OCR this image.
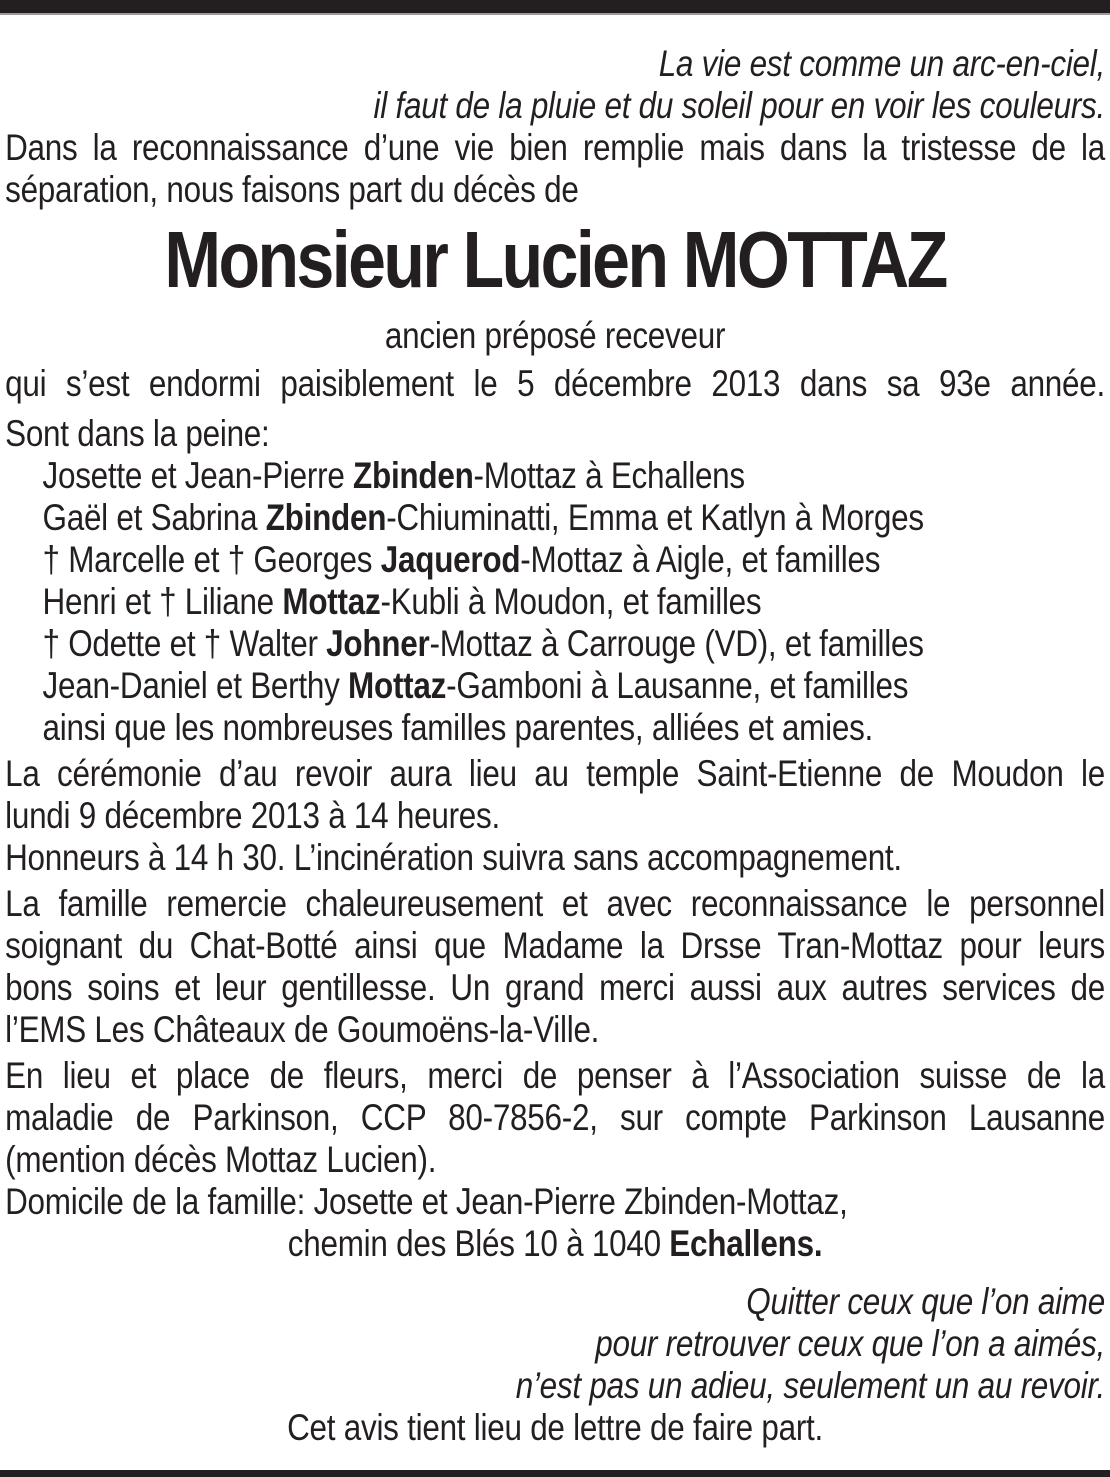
La vie est comme un arc-en-ciel,
il faut de la pluie et du soleil pour en voir les couleurs.
Dans la reconnaissance d’une vie bien remplie mais dans la tristesse de la
séparation, nous faisons part du décès de
Monsieur Lucien MOTTAZ
ancien préposé receveur
qui s’est endormi paisiblement le 5 décembre 2013 dans sa 93e année.
Sont dans la peine:
Josette et Jean-Pierre Zbinden-Mottaz à Echallens
Gaël et Sabrina Zbinden-Chiuminatti, Emma et Katlyn à Morges
† Marcelle et † Georges Jaquerod-Mottaz à Aigle, et familles
Henri et † Liliane Mottaz-Kubli à Moudon, et familles
† Odette et † Walter Johner-Mottaz à Carrouge (VD), et familles
Jean-Daniel et Berthy Mottaz-Gamboni à Lausanne, et familles
ainsi que les nombreuses familles parentes, alliées et amies.
La cérémonie d’au revoir aura lieu au temple Saint-Etienne de Moudon le
lundi 9 décembre 2013 à 14 heures.
Honneurs à 14 h 30. L’incinération suivra sans accompagnement.
La famille remercie chaleureusement et avec reconnaissance le personnel
soignant du Chat-Botté ainsi que Madame la Drsse Tran-Mottaz pour leurs
bons soins et leur gentillesse. Un grand merci aussi aux autres services de
l’EMS Les Châteaux de Goumoëns-la-Ville.
En lieu et place de fleurs, merci de penser à l’Association suisse de la
maladie de Parkinson, CCP 80-7856-2, sur compte Parkinson Lausanne
(mention décès Mottaz Lucien).
Domicile de la famille: Josette et Jean-Pierre Zbinden-Mottaz,
chemin des Blés 10 à 1040 Echallens.
Quitter ceux que l’on aime
pour retrouver ceux que l’on a aimés,
n’est pas un adieu, seulement un au revoir.
Cet avis tient lieu de lettre de faire part.
